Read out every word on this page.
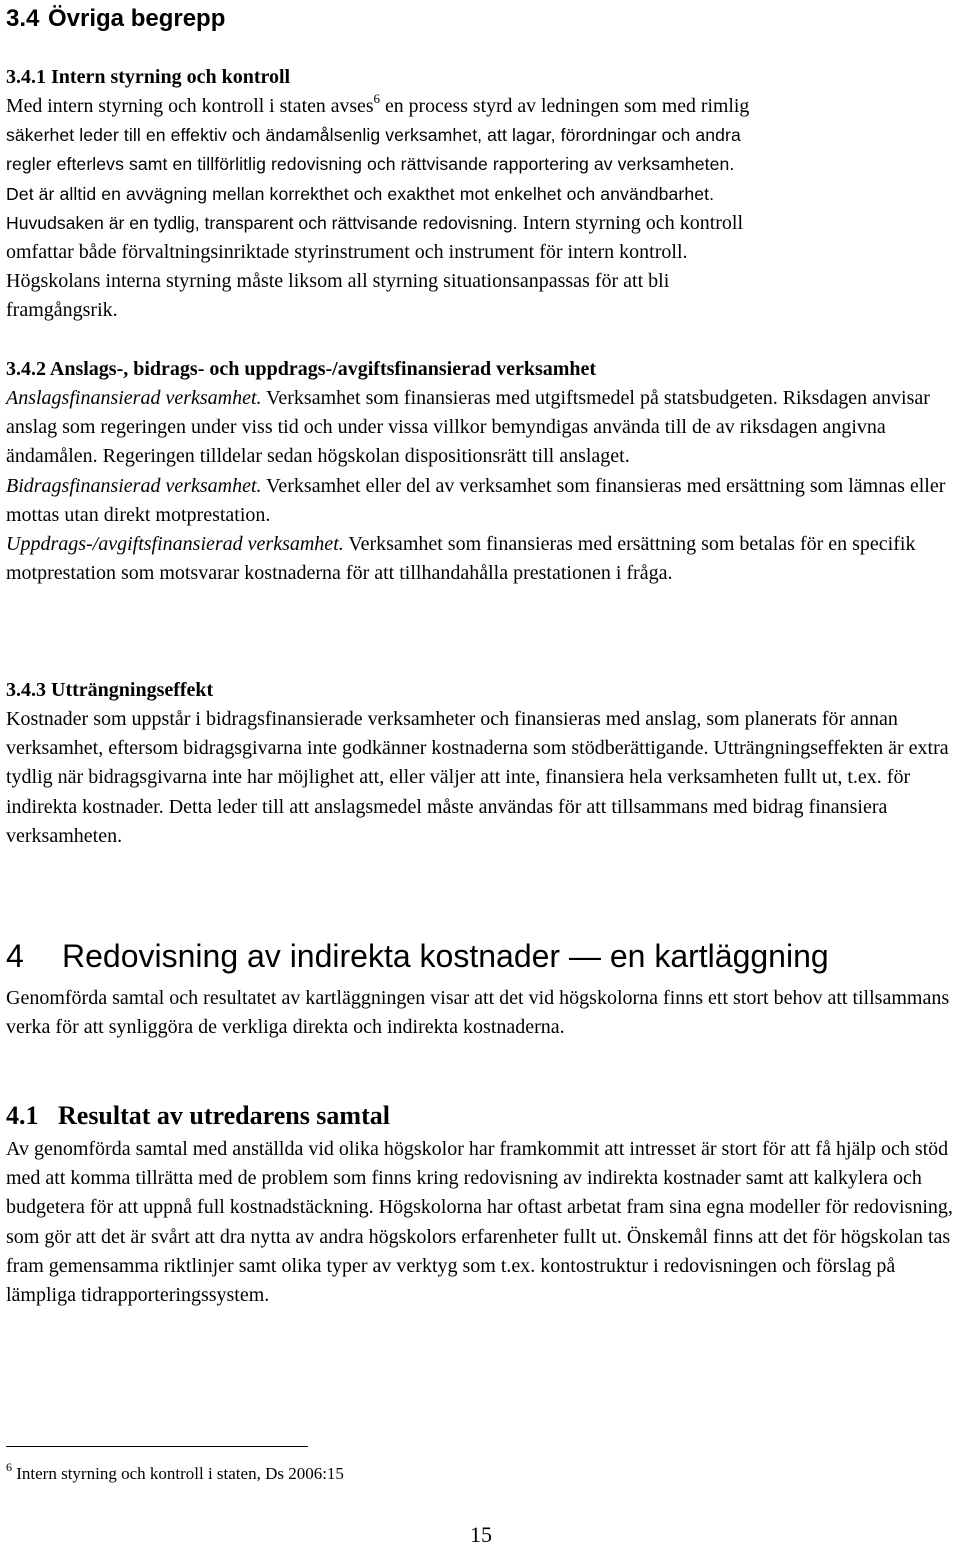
3.4 Övriga begrepp
3.4.1 Intern styrning och kontroll

Med intern styrning och kontroll i staten avses$^6$ en process styrd av ledningen som med rimlig

säkerhet leder till en effektiv och ändamålsenlig verksamhet, att lagar, förordningar och andra

regler efterlevs samt en tillförlitlig redovisning och rättvisande rapportering av verksamheten.

Det är alltid en avvägning mellan korrekthet och exakthet mot enkelhet och användbarhet.

Huvudsaken är en tydlig, transparent och rättvisande redovisning. Intern styrning och kontroll

omfattar både förvaltningsinriktade styrinstrument och instrument för intern kontroll.

Högskolans interna styrning måste liksom all styrning situationsanpassas för att bli

framgångsrik.

3.4.2 Anslags-, bidrags- och uppdrags-/avgiftsfinansierad verksamhet

Anslagsfinansierad verksamhet. Verksamhet som finansieras med utgiftsmedel på statsbudgeten. Riksdagen anvisar anslag som regeringen under viss tid och under vissa villkor bemyndigas använda till de av riksdagen angivna ändamålen. Regeringen tilldelar sedan högskolan dispositionsrätt till anslaget.

Bidragsfinansierad verksamhet. Verksamhet eller del av verksamhet som finansieras med ersättning som lämnas eller mottas utan direkt motprestation.

Uppdrags-/avgiftsfinansierad verksamhet. Verksamhet som finansieras med ersättning som betalas för en specifik motprestation som motsvarar kostnaderna för att tillhandahålla prestationen i fråga.

3.4.3 Utträngningseffekt

Kostnader som uppstår i bidragsfinansierade verksamheter och finansieras med anslag, som planerats för annan verksamhet, eftersom bidragsgivarna inte godkänner kostnaderna som stödberättigande. Utträngningseffekten är extra tydlig när bidragsgivarna inte har möjlighet att, eller väljer att inte, finansiera hela verksamheten fullt ut, t.ex. för indirekta kostnader. Detta leder till att anslagsmedel måste användas för att tillsammans med bidrag finansiera verksamheten.

4 Redovisning av indirekta kostnader — en kartläggning

Genomförda samtal och resultatet av kartläggningen visar att det vid högskolorna finns ett stort behov att tillsammans verka för att synliggöra de verkliga direkta och indirekta kostnaderna.

4.1 Resultat av utredarens samtal

Av genomförda samtal med anställda vid olika högskolor har framkommit att intresset är stort för att få hjälp och stöd med att komma tillrätta med de problem som finns kring redovisning av indirekta kostnader samt att kalkylera och budgetera för att uppnå full kostnadstäckning. Högskolorna har oftast arbetat fram sina egna modeller för redovisning, som gör att det är svårt att dra nytta av andra högskolors erfarenheter fullt ut. Önskemål finns att det för högskolan tas fram gemensamma riktlinjer samt olika typer av verktyg som t.ex. kontostruktur i redovisningen och förslag på lämpliga tidrapporteringssystem.

$^6$ Intern styrning och kontroll i staten, Ds 2006:15
15
